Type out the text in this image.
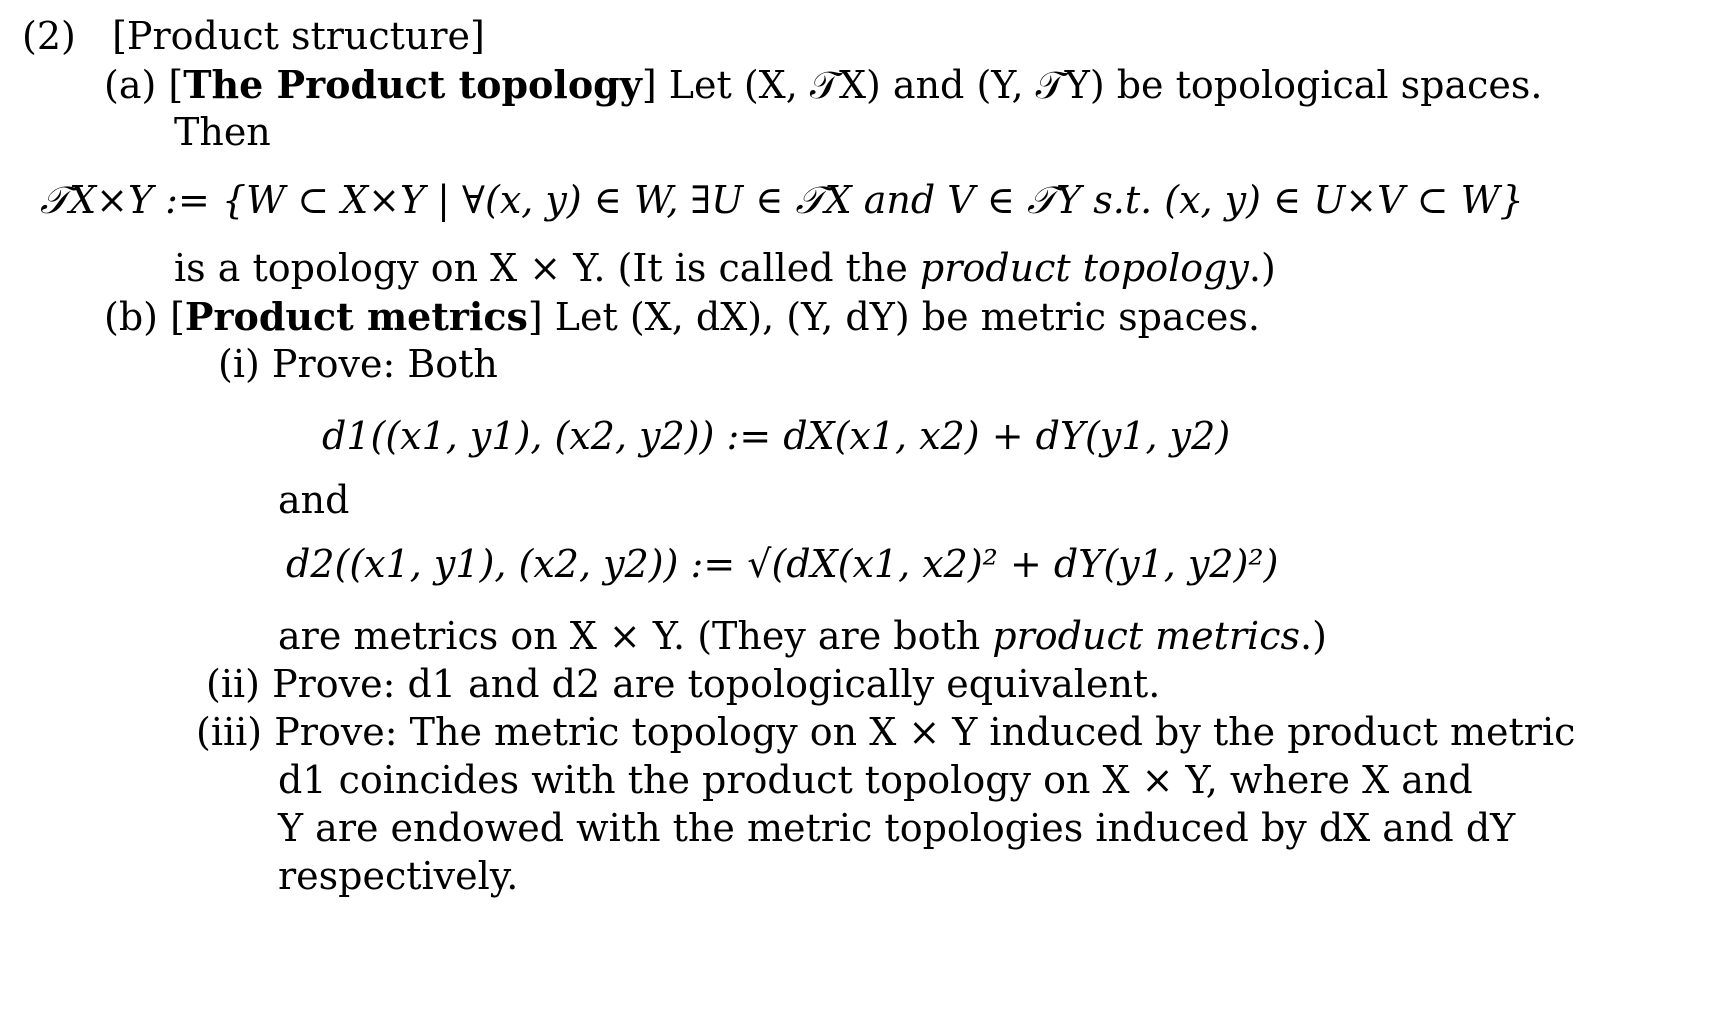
(2) [Product structure]
(a) [The Product topology] Let (X, 𝒯X) and (Y, 𝒯Y) be topological spaces.
Then
𝒯X×Y := {W ⊂ X×Y | ∀(x, y) ∈ W, ∃U ∈ 𝒯X and V ∈ 𝒯Y s.t. (x, y) ∈ U×V ⊂ W}
is a topology on X × Y. (It is called the product topology.)
(b) [Product metrics] Let (X, dX), (Y, dY) be metric spaces.
(i) Prove: Both
d1((x1, y1), (x2, y2)) := dX(x1, x2) + dY(y1, y2)
and
d2((x1, y1), (x2, y2)) := √(dX(x1, x2)² + dY(y1, y2)²)
are metrics on X × Y. (They are both product metrics.)
(ii) Prove: d1 and d2 are topologically equivalent.
(iii) Prove: The metric topology on X × Y induced by the product metric
d1 coincides with the product topology on X × Y, where X and
Y are endowed with the metric topologies induced by dX and dY
respectively.
